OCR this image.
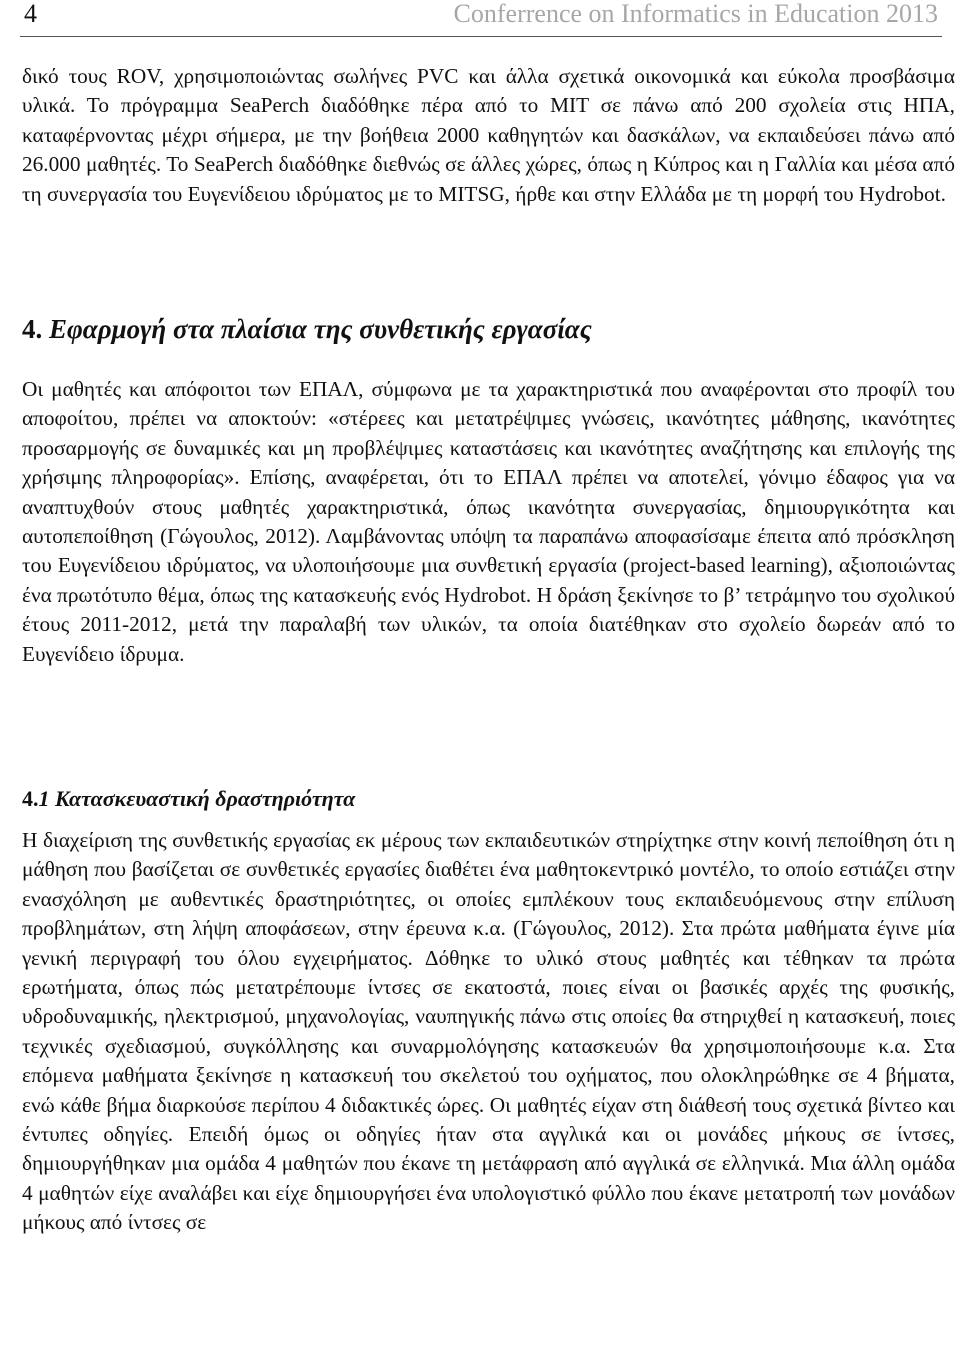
4	Conferrence on Informatics in Education 2013

δικό τους ROV, χρησιμοποιώντας σωλήνες PVC και άλλα σχετικά οικονομικά και εύκολα προσβάσιμα υλικά. Το πρόγραμμα SeaPerch διαδόθηκε πέρα από το MIT σε πάνω από 200 σχολεία στις ΗΠΑ, καταφέρνοντας μέχρι σήμερα, με την βοήθεια 2000 καθηγητών και δασκάλων, να εκπαιδεύσει πάνω από 26.000 μαθητές. Το SeaPerch διαδόθηκε διεθνώς σε άλλες χώρες, όπως η Κύπρος και η Γαλλία και μέσα από τη συνεργασία του Ευγενίδειου ιδρύματος με το MITSG, ήρθε και στην Ελλάδα με τη μορφή του Hydrobot.

4. Εφαρμογή στα πλαίσια της συνθετικής εργασίας

Οι μαθητές και απόφοιτοι των ΕΠΑΛ, σύμφωνα με τα χαρακτηριστικά που αναφέρονται στο προφίλ του αποφοίτου, πρέπει να αποκτούν: «στέρεες και μετατρέψιμες γνώσεις, ικανότητες μάθησης, ικανότητες προσαρμογής σε δυναμικές και μη προβλέψιμες καταστάσεις και ικανότητες αναζήτησης και επιλογής της χρήσιμης πληροφορίας». Επίσης, αναφέρεται, ότι το ΕΠΑΛ πρέπει να αποτελεί, γόνιμο έδαφος για να αναπτυχθούν στους μαθητές χαρακτηριστικά, όπως ικανότητα συνεργασίας, δημιουργικότητα και αυτοπεποίθηση (Γώγουλος, 2012). Λαμβάνοντας υπόψη τα παραπάνω αποφασίσαμε έπειτα από πρόσκληση του Ευγενίδειου ιδρύματος, να υλοποιήσουμε μια συνθετική εργασία (project-based learning), αξιοποιώντας ένα πρωτότυπο θέμα, όπως της κατασκευής ενός Hydrobot. Η δράση ξεκίνησε το β’ τετράμηνο του σχολικού έτους 2011-2012, μετά την παραλαβή των υλικών, τα οποία διατέθηκαν στο σχολείο δωρεάν από το Ευγενίδειο ίδρυμα.

4.1 Κατασκευαστική δραστηριότητα

Η διαχείριση της συνθετικής εργασίας εκ μέρους των εκπαιδευτικών στηρίχτηκε στην κοινή πεποίθηση ότι η μάθηση που βασίζεται σε συνθετικές εργασίες διαθέτει ένα μαθητοκεντρικό μοντέλο, το οποίο εστιάζει στην ενασχόληση με αυθεντικές δραστηριότητες, οι οποίες εμπλέκουν τους εκπαιδευόμενους στην επίλυση προβλημάτων, στη λήψη αποφάσεων, στην έρευνα κ.α. (Γώγουλος, 2012). Στα πρώτα μαθήματα έγινε μία γενική περιγραφή του όλου εγχειρήματος. Δόθηκε το υλικό στους μαθητές και τέθηκαν τα πρώτα ερωτήματα, όπως πώς μετατρέπουμε ίντσες σε εκατοστά, ποιες είναι οι βασικές αρχές της φυσικής, υδροδυναμικής, ηλεκτρισμού, μηχανολογίας, ναυπηγικής πάνω στις οποίες θα στηριχθεί η κατασκευή, ποιες τεχνικές σχεδιασμού, συγκόλλησης και συναρμολόγησης κατασκευών θα χρησιμοποιήσουμε κ.α. Στα επόμενα μαθήματα ξεκίνησε η κατασκευή του σκελετού του οχήματος, που ολοκληρώθηκε σε 4 βήματα, ενώ κάθε βήμα διαρκούσε περίπου 4 διδακτικές ώρες. Οι μαθητές είχαν στη διάθεσή τους σχετικά βίντεο και έντυπες οδηγίες. Επειδή όμως οι οδηγίες ήταν στα αγγλικά και οι μονάδες μήκους σε ίντσες, δημιουργήθηκαν μια ομάδα 4 μαθητών που έκανε τη μετάφραση από αγγλικά σε ελληνικά. Μια άλλη ομάδα 4 μαθητών είχε αναλάβει και είχε δημιουργήσει ένα υπολογιστικό φύλλο που έκανε μετατροπή των μονάδων μήκους από ίντσες σε
